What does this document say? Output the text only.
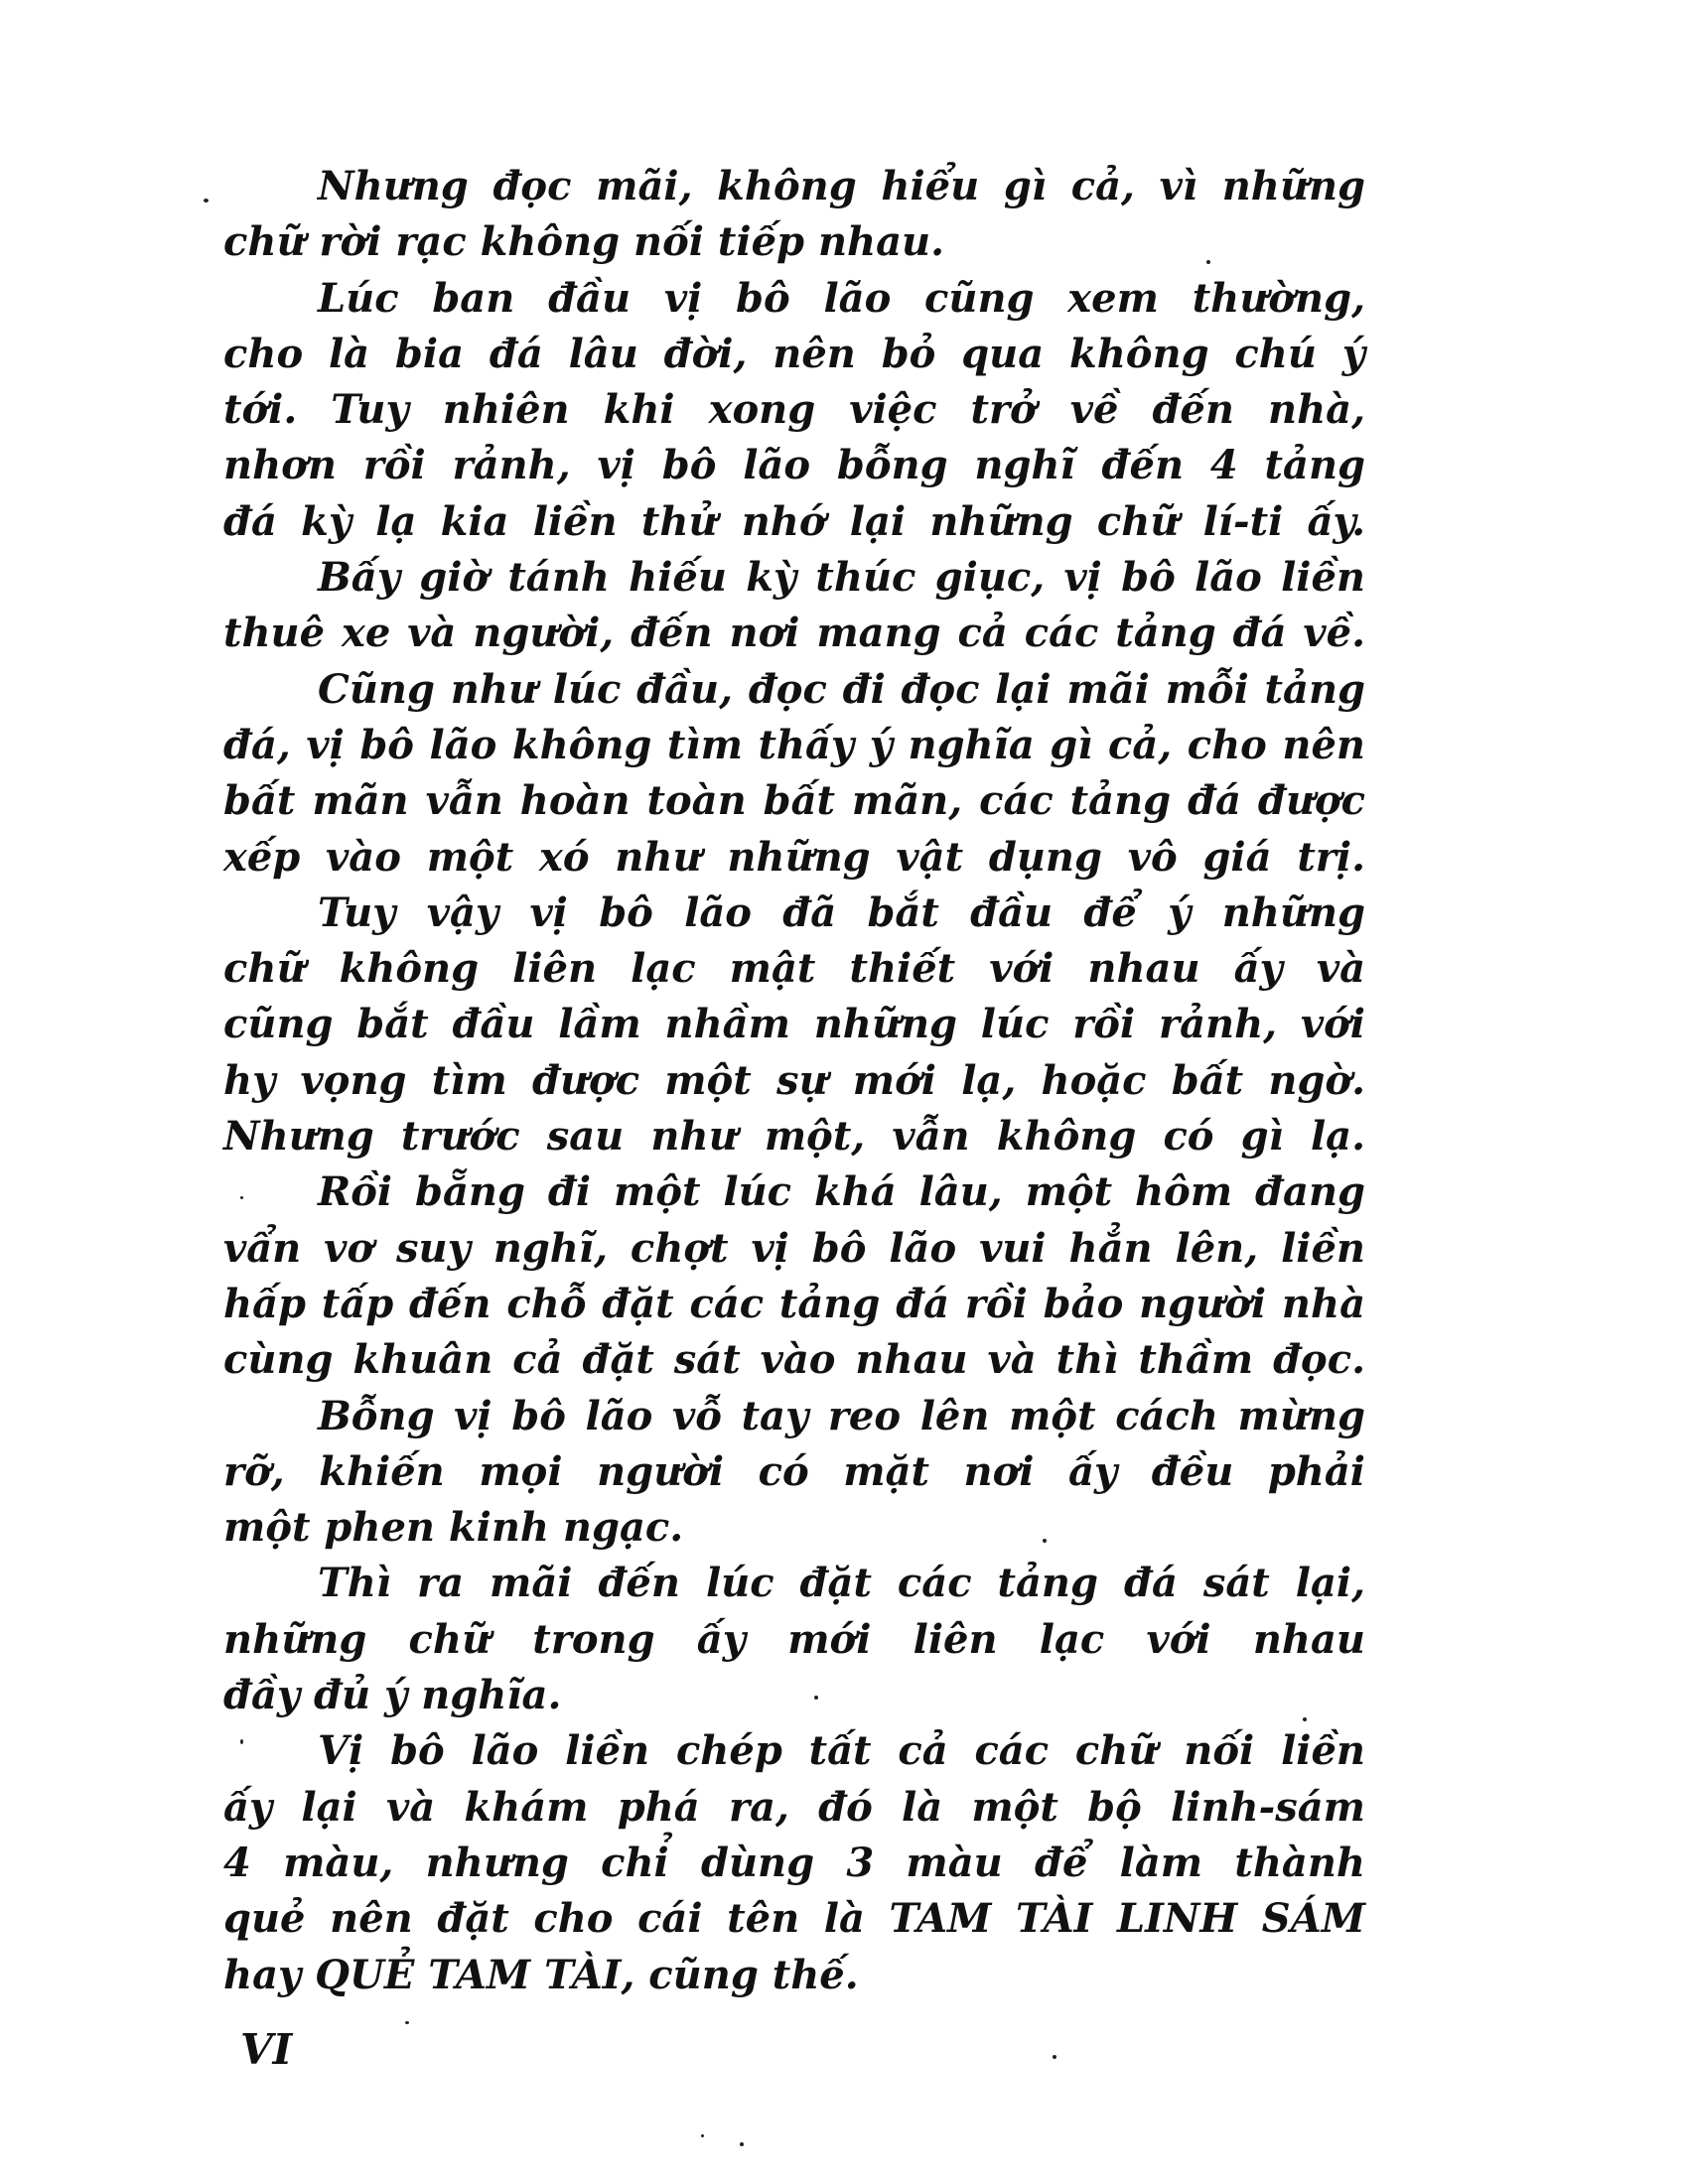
Nhưng đọc mãi, không hiểu gì cả, vì những
chữ rời rạc không nối tiếp nhau.
Lúc ban đầu vị bô lão cũng xem thường,
cho là bia đá lâu đời, nên bỏ qua không chú ý
tới. Tuy nhiên khi xong việc trở về đến nhà,
nhơn rồi rảnh, vị bô lão bỗng nghĩ đến 4 tảng
đá kỳ lạ kia liền thử nhớ lại những chữ lí-ti ấy.
Bấy giờ tánh hiếu kỳ thúc giục, vị bô lão liền
thuê xe và người, đến nơi mang cả các tảng đá về.
Cũng như lúc đầu, đọc đi đọc lại mãi mỗi tảng
đá, vị bô lão không tìm thấy ý nghĩa gì cả, cho nên
bất mãn vẫn hoàn toàn bất mãn, các tảng đá được
xếp vào một xó như những vật dụng vô giá trị.
Tuy vậy vị bô lão đã bắt đầu để ý những
chữ không liên lạc mật thiết với nhau ấy và
cũng bắt đầu lầm nhầm những lúc rồi rảnh, với
hy vọng tìm được một sự mới lạ, hoặc bất ngờ.
Nhưng trước sau như một, vẫn không có gì lạ.
Rồi bẵng đi một lúc khá lâu, một hôm đang
vẩn vơ suy nghĩ, chợt vị bô lão vui hẳn lên, liền
hấp tấp đến chỗ đặt các tảng đá rồi bảo người nhà
cùng khuân cả đặt sát vào nhau và thì thầm đọc.
Bỗng vị bô lão vỗ tay reo lên một cách mừng
rỡ, khiến mọi người có mặt nơi ấy đều phải
một phen kinh ngạc.
Thì ra mãi đến lúc đặt các tảng đá sát lại,
những chữ trong ấy mới liên lạc với nhau
đầy đủ ý nghĩa.
Vị bô lão liền chép tất cả các chữ nối liền
ấy lại và khám phá ra, đó là một bộ linh-sám
4 màu, nhưng chỉ dùng 3 màu để làm thành
quẻ nên đặt cho cái tên là TAM TÀI LINH SÁM
hay QUẺ TAM TÀI, cũng thế.
VI
